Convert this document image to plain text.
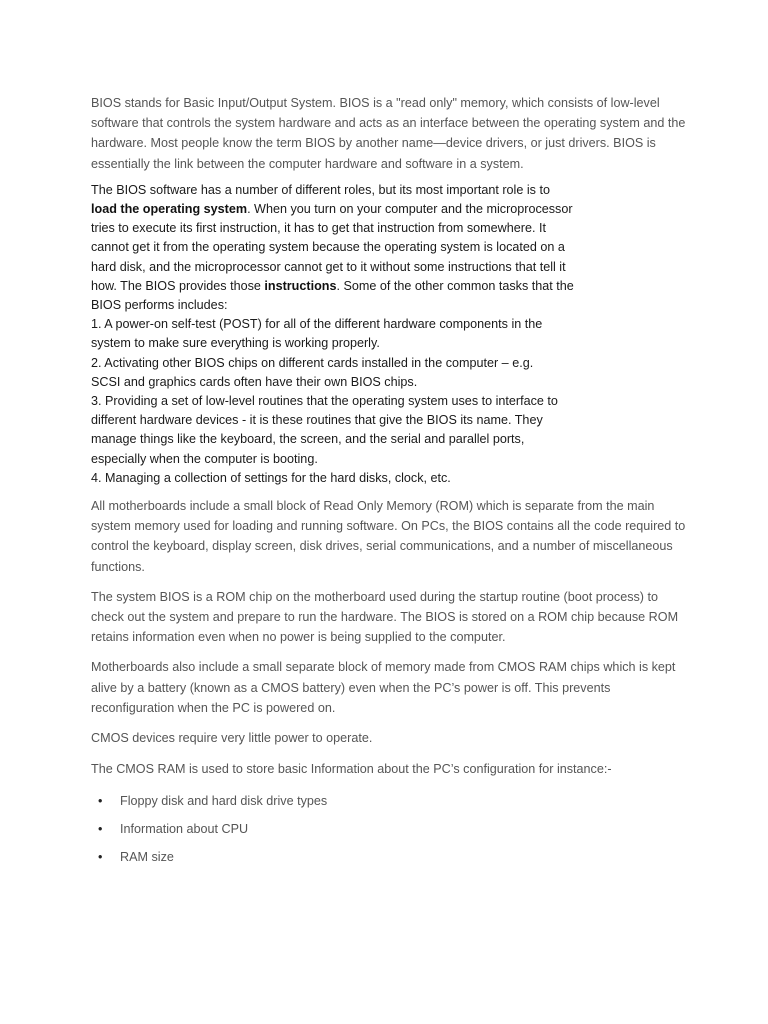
BIOS stands for Basic Input/Output System. BIOS is a "read only" memory, which consists of low-level software that controls the system hardware and acts as an interface between the operating system and the hardware. Most people know the term BIOS by another name—device drivers, or just drivers. BIOS is essentially the link between the computer hardware and software in a system.

The BIOS software has a number of different roles, but its most important role is to
load the operating system. When you turn on your computer and the microprocessor
tries to execute its first instruction, it has to get that instruction from somewhere. It
cannot get it from the operating system because the operating system is located on a
hard disk, and the microprocessor cannot get to it without some instructions that tell it
how. The BIOS provides those instructions. Some of the other common tasks that the
BIOS performs includes:
1. A power-on self-test (POST) for all of the different hardware components in the
system to make sure everything is working properly.
2. Activating other BIOS chips on different cards installed in the computer – e.g.
SCSI and graphics cards often have their own BIOS chips.
3. Providing a set of low-level routines that the operating system uses to interface to
different hardware devices - it is these routines that give the BIOS its name. They
manage things like the keyboard, the screen, and the serial and parallel ports,
especially when the computer is booting.
4. Managing a collection of settings for the hard disks, clock, etc.

All motherboards include a small block of Read Only Memory (ROM) which is separate from the main system memory used for loading and running software. On PCs, the BIOS contains all the code required to control the keyboard, display screen, disk drives, serial communications, and a number of miscellaneous functions.

The system BIOS is a ROM chip on the motherboard used during the startup routine (boot process) to check out the system and prepare to run the hardware. The BIOS is stored on a ROM chip because ROM retains information even when no power is being supplied to the computer.

Motherboards also include a small separate block of memory made from CMOS RAM chips which is kept alive by a battery (known as a CMOS battery) even when the PC’s power is off. This prevents reconfiguration when the PC is powered on.

CMOS devices require very little power to operate.

The CMOS RAM is used to store basic Information about the PC’s configuration for instance:-

• Floppy disk and hard disk drive types
• Information about CPU
• RAM size
